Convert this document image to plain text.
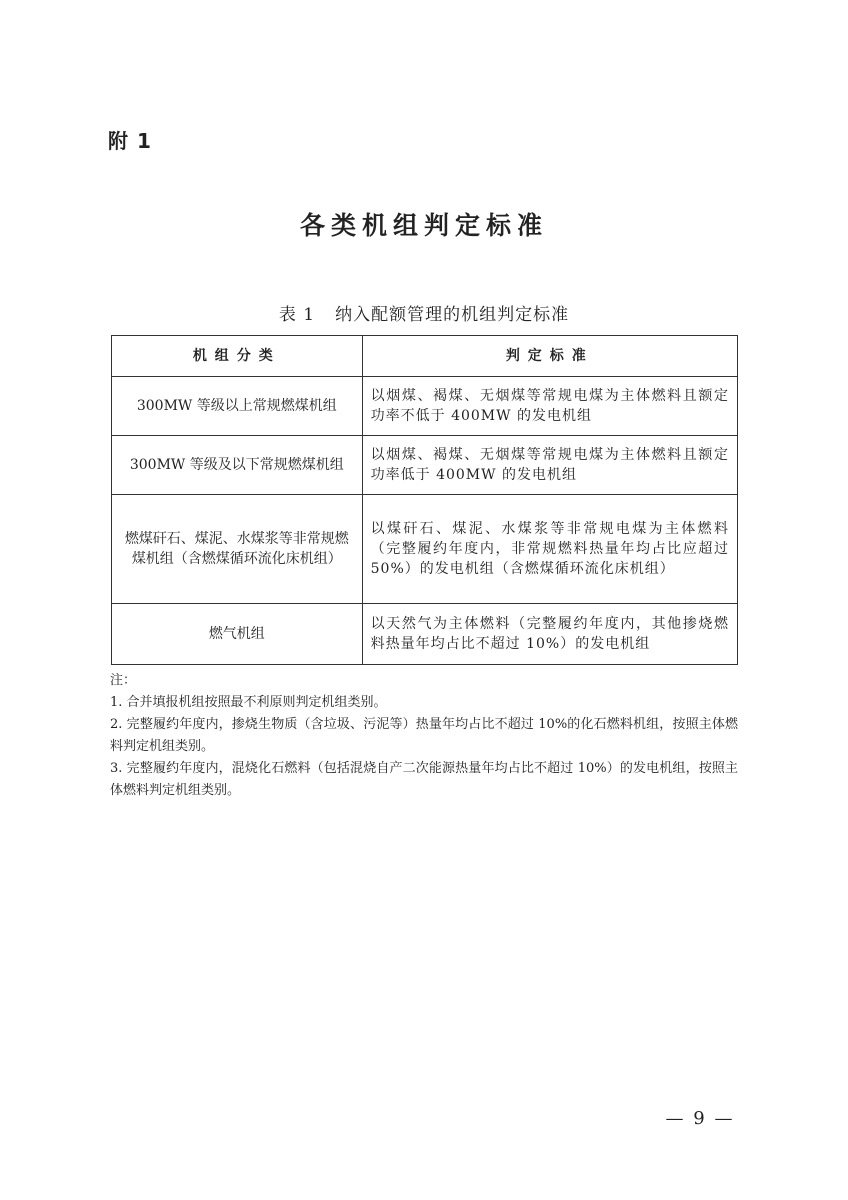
附 1
各类机组判定标准
表 1 纳入配额管理的机组判定标准
机组分类	判定标准
300MW 等级以上常规燃煤机组	以烟煤、褐煤、无烟煤等常规电煤为主体燃料且额定功率不低于 400MW 的发电机组
300MW 等级及以下常规燃煤机组	以烟煤、褐煤、无烟煤等常规电煤为主体燃料且额定功率低于 400MW 的发电机组
燃煤矸石、煤泥、水煤浆等非常规燃煤机组（含燃煤循环流化床机组）	以煤矸石、煤泥、水煤浆等非常规电煤为主体燃料（完整履约年度内，非常规燃料热量年均占比应超过 50%）的发电机组（含燃煤循环流化床机组）
燃气机组	以天然气为主体燃料（完整履约年度内，其他掺烧燃料热量年均占比不超过 10%）的发电机组

注：

1. 合并填报机组按照最不利原则判定机组类别。

2. 完整履约年度内，掺烧生物质（含垃圾、污泥等）热量年均占比不超过 10%的化石燃料机组，按照主体燃料判定机组类别。

3. 完整履约年度内，混烧化石燃料（包括混烧自产二次能源热量年均占比不超过 10%）的发电机组，按照主体燃料判定机组类别。

— 9 —
